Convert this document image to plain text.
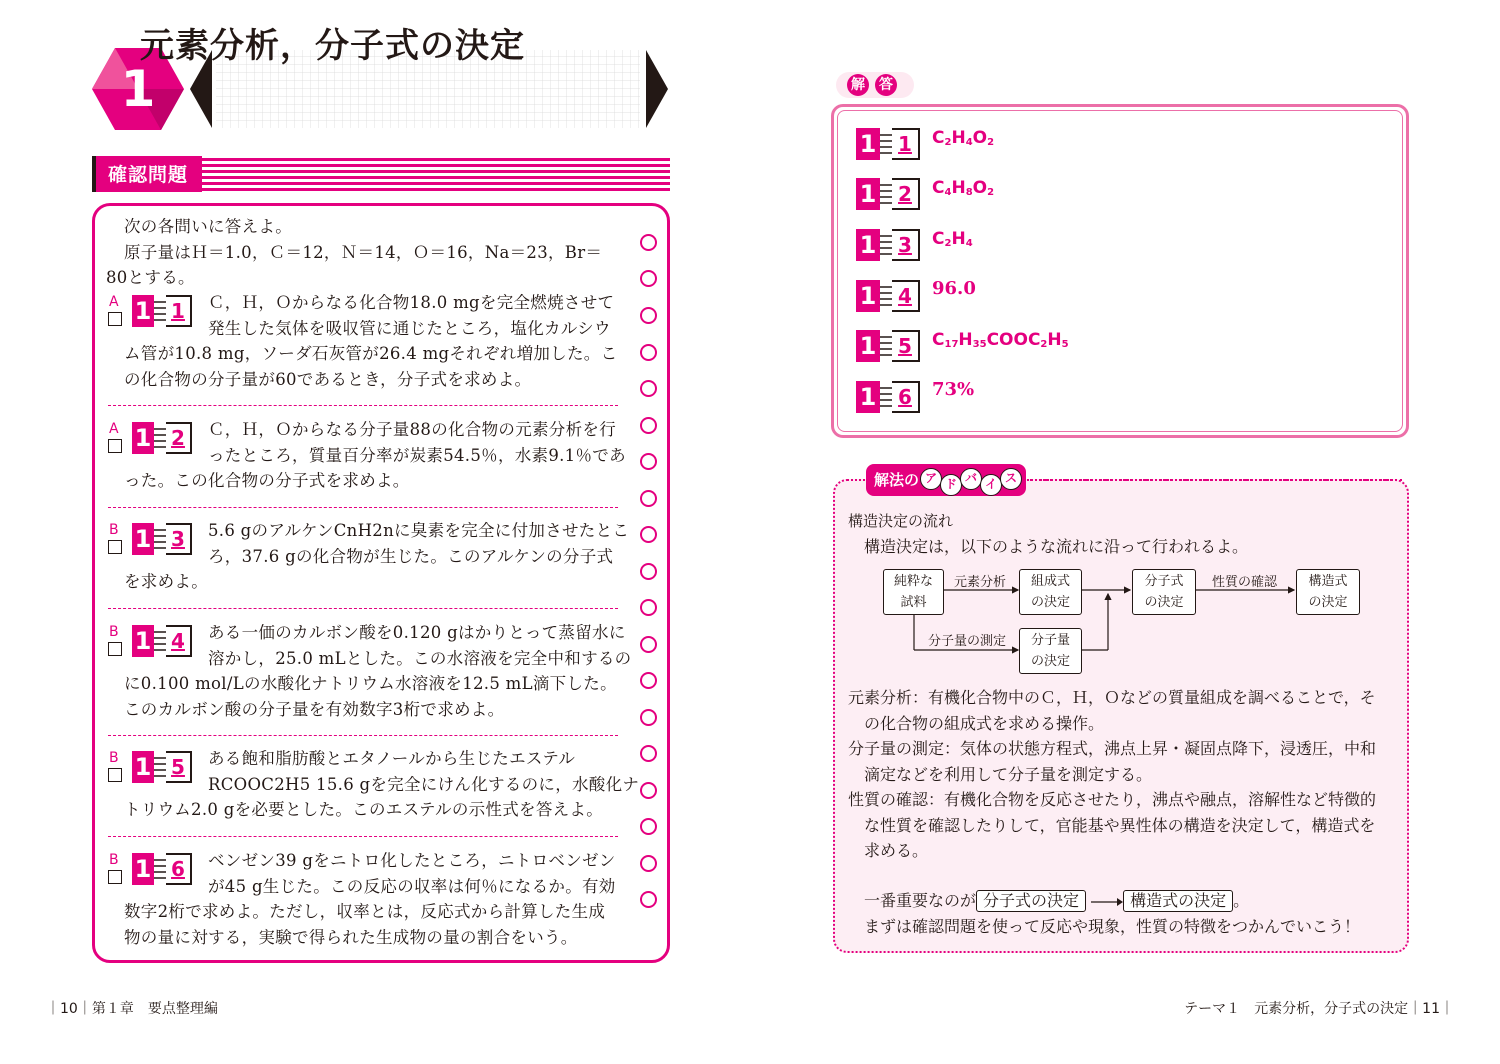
1
元素分析，分子式の決定
確認問題
次の各問いに答えよ。
原子量はＨ＝1.0，Ｃ＝12，Ｎ＝14，Ｏ＝16，Na＝23，Br＝
80とする。
A 1 1	Ｃ，Ｈ，Ｏからなる化合物18.0 mgを完全燃焼させて
発生した気体を吸収管に通じたところ，塩化カルシウ
ム管が10.8 mg，ソーダ石灰管が26.4 mgそれぞれ増加した。こ
の化合物の分子量が60であるとき，分子式を求めよ。
A 1 2	Ｃ，Ｈ，Ｏからなる分子量88の化合物の元素分析を行
ったところ，質量百分率が炭素54.5％，水素9.1％であ
った。この化合物の分子式を求めよ。
B 1 3	5.6 gのアルケンCnH2nに臭素を完全に付加させたとこ
ろ，37.6 gの化合物が生じた。このアルケンの分子式
を求めよ。
B 1 4	ある一価のカルボン酸を0.120 gはかりとって蒸留水に
溶かし，25.0 mLとした。この水溶液を完全中和するの
に0.100 mol/Lの水酸化ナトリウム水溶液を12.5 mL滴下した。
このカルボン酸の分子量を有効数字3桁で求めよ。
B 1 5	ある飽和脂肪酸とエタノールから生じたエステル
RCOOC2H5 15.6 gを完全にけん化するのに，水酸化ナ
トリウム2.0 gを必要とした。このエステルの示性式を答えよ。
B 1 6	ベンゼン39 gをニトロ化したところ，ニトロベンゼン
が45 g生じた。この反応の収率は何％になるか。有効
数字2桁で求めよ。ただし，収率とは，反応式から計算した生成
物の量に対する，実験で得られた生成物の量の割合をいう。
｜10｜第１章　要点整理編
解 答
1	1	$C_2H_4O_2$
1	2	$C_4H_8O_2$
1	3	$C_2H_4$
1	4	96.0
1	5	$C_{17}H_{35}COOC_2H_5$
1	6	73%
解法の ア ド バ イ ス
構造決定の流れ
構造決定は，以下のような流れに沿って行われるよ。
純粋な
試料
元素分析	組成式
の決定
分子式
の決定
性質の確認	構造式
の決定
分子量の測定	分子量
の決定
元素分析：有機化合物中のＣ，Ｈ，Ｏなどの質量組成を調べることで，そ
の化合物の組成式を求める操作。
分子量の測定：気体の状態方程式，沸点上昇・凝固点降下，浸透圧，中和
滴定などを利用して分子量を測定する。
性質の確認：有機化合物を反応させたり，沸点や融点，溶解性など特徴的
な性質を確認したりして，官能基や異性体の構造を決定して，構造式を
求める。
一番重要なのが 分子式の決定	構造式の決定 。
まずは確認問題を使って反応や現象，性質の特徴をつかんでいこう！
テーマ１　元素分析，分子式の決定｜11｜
